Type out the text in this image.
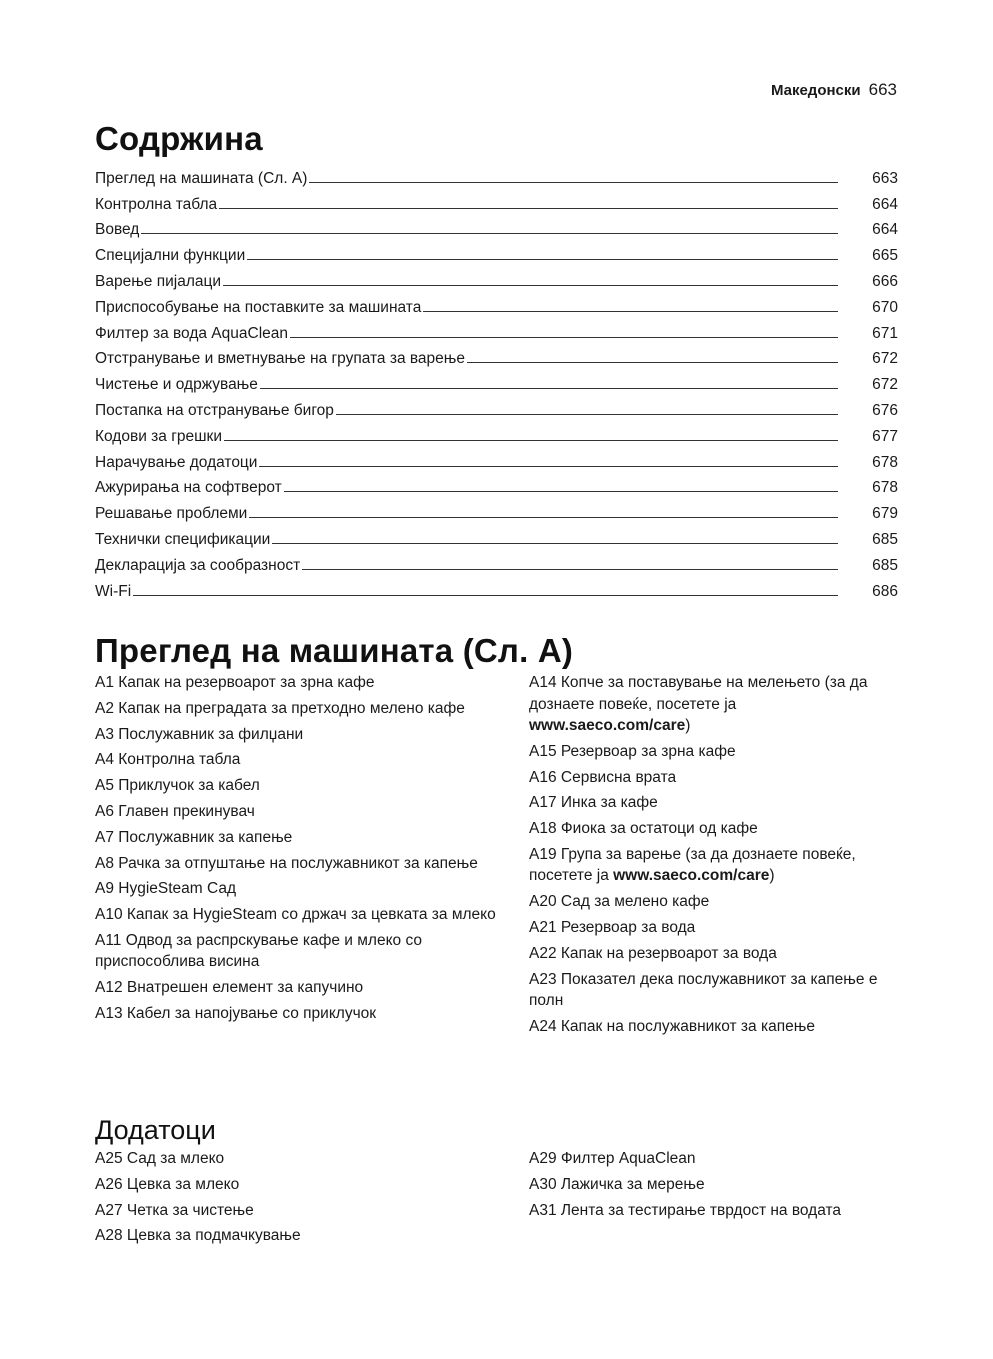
Македонски 663
Содржина
Преглед на машината (Сл. А)	663
Контролна табла	664
Вовед	664
Специјални функции	665
Варење пијалаци	666
Приспособување на поставките за машината	670
Филтер за вода AquaClean	671
Отстранување и вметнување на групата за варење	672
Чистење и одржување	672
Постапка на отстранување бигор	676
Кодови за грешки	677
Нарачување додатоци	678
Ажурирања на софтверот	678
Решавање проблеми	679
Технички спецификации	685
Декларација за сообразност	685
Wi-Fi	686
Преглед на машината (Сл. А)
A1 Капак на резервоарот за зрна кафе
A2 Капак на преградата за претходно мелено кафе
A3 Послужавник за филџани
A4 Контролна табла
A5 Приклучок за кабел
A6 Главен прекинувач
A7 Послужавник за капење
A8 Рачка за отпуштање на послужавникот за капење
A9 HygieSteam Сад
A10 Капак за HygieSteam со држач за цевката за млеко
A11 Одвод за распрскување кафе и млеко со приспособлива висина
A12 Внатрешен елемент за капучино
A13 Кабел за напојување со приклучок
A14 Копче за поставување на мелењето (за да дознаете повеќе, посетете ја www.saeco.com/care)
A15 Резервоар за зрна кафе
A16 Сервисна врата
A17 Инка за кафе
A18 Фиока за остатоци од кафе
A19 Група за варење (за да дознаете повеќе, посетете ја www.saeco.com/care)
A20 Сад за мелено кафе
A21 Резервоар за вода
A22 Капак на резервоарот за вода
A23 Показател дека послужавникот за капење е полн
A24 Капак на послужавникот за капење
Додатоци
A25 Сад за млеко
A26 Цевка за млеко
A27 Четка за чистење
A28 Цевка за подмачкување
A29 Филтер AquaClean
A30 Лажичка за мерење
A31 Лента за тестирање тврдост на водата
